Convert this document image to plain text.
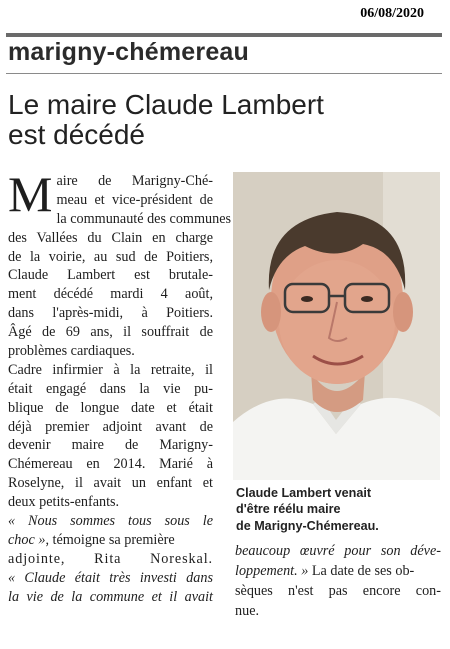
06/08/2020
marigny-chémereau
Le maire Claude Lambert
est décédé
M aire de Marigny-Ché-
meau et vice-président de
la communauté des communes
des Vallées du Clain en charge
de la voirie, au sud de Poitiers,
Claude Lambert est brutale-
ment décédé mardi 4 août,
dans l'après-midi, à Poitiers.
Âgé de 69 ans, il souffrait de
problèmes cardiaques.
Cadre infirmier à la retraite, il
était engagé dans la vie pu-
blique de longue date et était
déjà premier adjoint avant de
devenir maire de Marigny-
Chémereau en 2014. Marié à
Roselyne, il avait un enfant et
deux petits-enfants.
« Nous sommes tous sous le
choc », témoigne sa première
adjointe, Rita Noreskal.
« Claude était très investi dans
la vie de la commune et il avait
Claude Lambert venait
d'être réélu maire
de Marigny-Chémereau.
beaucoup œuvré pour son déve-
loppement. » La date de ses ob-
sèques n'est pas encore con-
nue.
